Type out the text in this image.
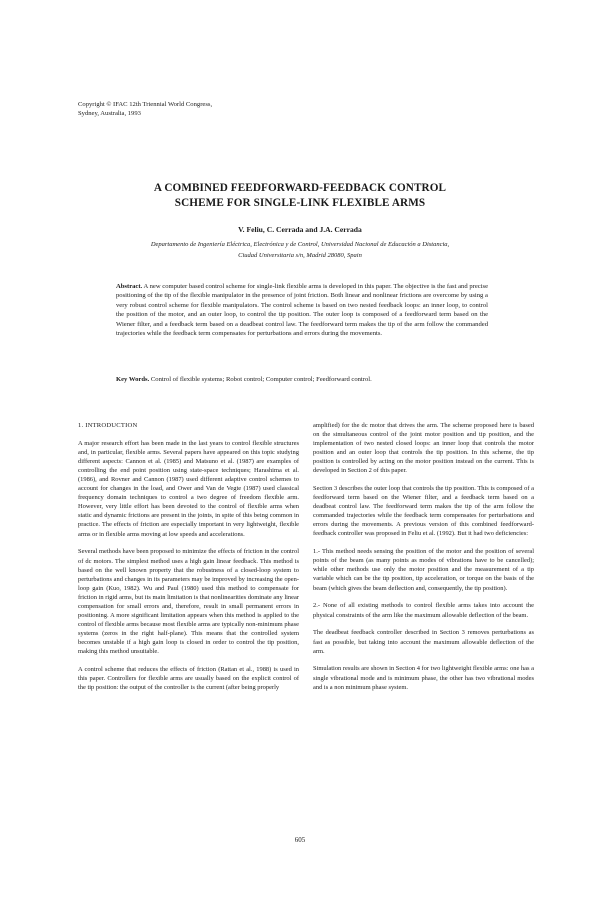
Copyright © IFAC 12th Triennial World Congress,
Sydney, Australia, 1993
A COMBINED FEEDFORWARD-FEEDBACK CONTROL
SCHEME FOR SINGLE-LINK FLEXIBLE ARMS
V. Feliu, C. Cerrada and J.A. Cerrada
Departamento de Ingeniería Eléctrica, Electrónica y de Control, Universidad Nacional de Educación a Distancia,
Ciudad Universitaria s/n, Madrid 28080, Spain
Abstract. A new computer based control scheme for single-link flexible arms is developed in this paper. The objective is the fast and precise positioning of the tip of the flexible manipulator in the presence of joint friction. Both linear and nonlinear frictions are overcome by using a very robust control scheme for flexible manipulators. The control scheme is based on two nested feedback loops: an inner loop, to control the position of the motor, and an outer loop, to control the tip position. The outer loop is composed of a feedforward term based on the Wiener filter, and a feedback term based on a deadbeat control law. The feedforward term makes the tip of the arm follow the commanded trajectories while the feedback term compensates for perturbations and errors during the movements.
Key Words. Control of flexible systems; Robot control; Computer control; Feedforward control.
1. INTRODUCTION

A major research effort has been made in the last years to control flexible structures and, in particular, flexible arms. Several papers have appeared on this topic studying different aspects: Cannon et al. (1985) and Matsuno et al. (1987) are examples of controlling the end point position using state-space techniques; Harashima et al. (1986), and Rovner and Cannon (1987) used different adaptive control schemes to account for changes in the load, and Ower and Van de Vegte (1987) used classical frequency domain techniques to control a two degree of freedom flexible arm. However, very little effort has been devoted to the control of flexible arms when static and dynamic frictions are present in the joints, in spite of this being common in practice. The effects of friction are especially important in very lightweight, flexible arms or in flexible arms moving at low speeds and accelerations.

Several methods have been proposed to minimize the effects of friction in the control of dc motors. The simplest method uses a high gain linear feedback. This method is based on the well known property that the robustness of a closed-loop system to perturbations and changes in its parameters may be improved by increasing the open-loop gain (Kuo, 1982). Wu and Paul (1980) used this method to compensate for friction in rigid arms, but its main limitation is that nonlinearities dominate any linear compensation for small errors and, therefore, result in small permanent errors in positioning. A more significant limitation appears when this method is applied to the control of flexible arms because most flexible arms are typically non-minimum phase systems (zeros in the right half-plane). This means that the controlled system becomes unstable if a high gain loop is closed in order to control the tip position, making this method unsuitable.

A control scheme that reduces the effects of friction (Rattan et al., 1988) is used in this paper. Controllers for flexible arms are usually based on the explicit control of the tip position: the output of the controller is the current (after being properly

amplified) for the dc motor that drives the arm. The scheme proposed here is based on the simultaneous control of the joint motor position and tip position, and the implementation of two nested closed loops: an inner loop that controls the motor position and an outer loop that controls the tip position. In this scheme, the tip position is controlled by acting on the motor position instead on the current. This is developed in Section 2 of this paper.

Section 3 describes the outer loop that controls the tip position. This is composed of a feedforward term based on the Wiener filter, and a feedback term based on a deadbeat control law. The feedforward term makes the tip of the arm follow the commanded trajectories while the feedback term compensates for perturbations and errors during the movements. A previous version of this combined feedforward-feedback controller was proposed in Feliu et al. (1992). But it had two deficiencies:

1.- This method needs sensing the position of the motor and the position of several points of the beam (as many points as modes of vibrations have to be cancelled); while other methods use only the motor position and the measurement of a tip variable which can be the tip position, tip acceleration, or torque on the basis of the beam (which gives the beam deflection and, consequently, the tip position).

2.- None of all existing methods to control flexible arms takes into account the physical constraints of the arm like the maximum allowable deflection of the beam.

The deadbeat feedback controller described in Section 3 removes perturbations as fast as possible, but taking into account the maximum allowable deflection of the arm.

Simulation results are shown in Section 4 for two lightweight flexible arms: one has a single vibrational mode and is minimum phase, the other has two vibrational modes and is a non minimum phase system.

605
